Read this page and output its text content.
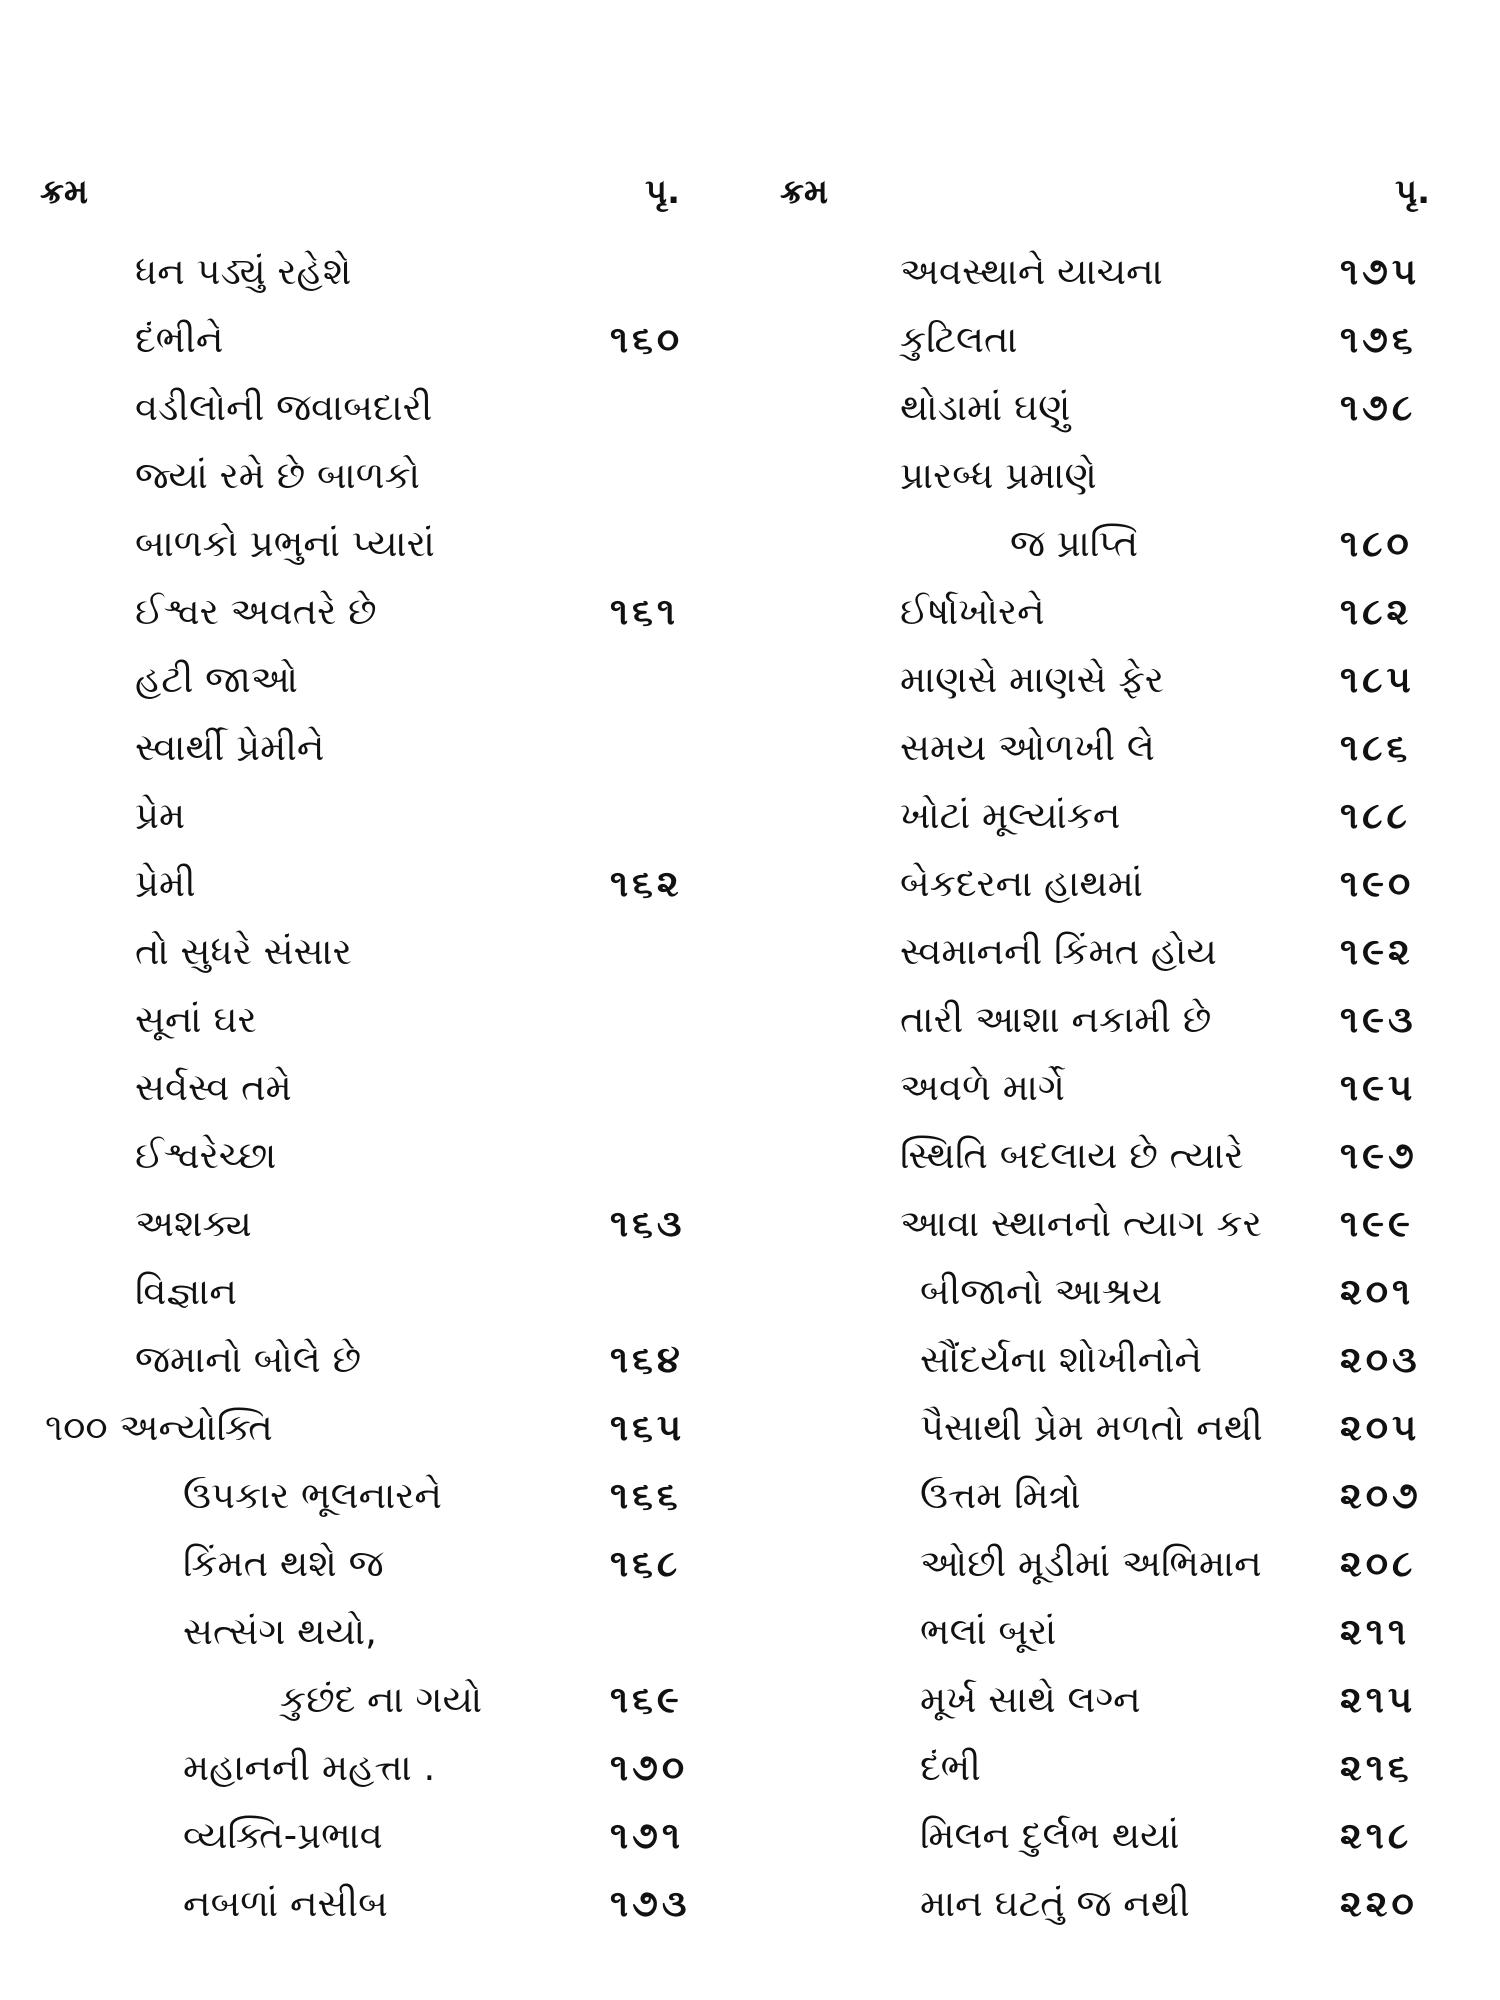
ક્રમ	પૃ.	ક્રમ	પૃ.
ધન પડ્યું રહેશે
દંભીને	૧૬૦
વડીલોની જવાબદારી
જ્યાં રમે છે બાળકો
બાળકો પ્રભુનાં પ્યારાં
ઈશ્વર અવતરે છે	૧૬૧
હટી જાઓ
સ્વાર્થી પ્રેમીને
પ્રેમ
પ્રેમી	૧૬૨
તો સુધરે સંસાર
સૂનાં ઘર
સર્વસ્વ તમે
ઈશ્વરેચ્છા
અશક્ય	૧૬૩
વિજ્ઞાન
જમાનો બોલે છે	૧૬૪
૧૦૦ અન્યોક્તિ	૧૬૫
ઉપકાર ભૂલનારને	૧૬૬
કિંમત થશે જ	૧૬૮
સત્સંગ થયો,
કુછંદ ના ગયો	૧૬૯
મહાનની મહત્તા .	૧૭૦
વ્યક્તિ-પ્રભાવ	૧૭૧
નબળાં નસીબ	૧૭૩
અવસ્થાને યાચના	૧૭૫
કુટિલતા	૧૭૬
થોડામાં ઘણું	૧૭૮
પ્રારબ્ધ પ્રમાણે
જ પ્રાપ્તિ	૧૮૦
ઈર્ષાખોરને	૧૮૨
માણસે માણસે ફેર	૧૮૫
સમય ઓળખી લે	૧૮૬
ખોટાં મૂલ્યાંકન	૧૮૮
બેકદરના હાથમાં	૧૯૦
સ્વમાનની કિંમત હોય	૧૯૨
તારી આશા નકામી છે	૧૯૩
અવળે માર્ગે	૧૯૫
સ્થિતિ બદલાય છે ત્યારે	૧૯૭
આવા સ્થાનનો ત્યાગ કર ૧૯૯
બીજાનો આશ્રય	૨૦૧
સૌંદર્યના શોખીનોને	૨૦૩
પૈસાથી પ્રેમ મળતો નથી ૨૦૫
ઉત્તમ મિત્રો	૨૦૭
ઓછી મૂડીમાં અભિમાન ૨૦૮
ભલાં બૂરાં	૨૧૧
મૂર્ખ સાથે લગ્ન	૨૧૫
દંભી	૨૧૬
મિલન દુર્લભ થયાં	૨૧૮
માન ઘટતું જ નથી	૨૨૦
